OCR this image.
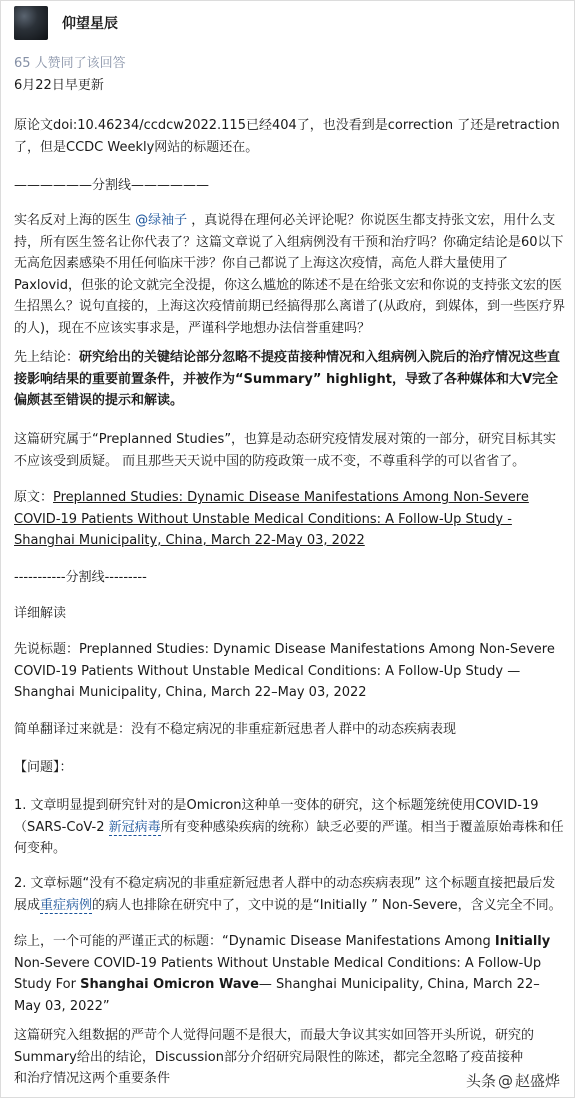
仰望星辰
65 人赞同了该回答

6月22日早更新

原论文doi:10.46234/ccdcw2022.115已经404了，也没看到是correction 了还是retraction了，但是CCDC Weekly网站的标题还在。

——————分割线——————

实名反对上海的医生 @绿袖子 ，真说得在理何必关评论呢？你说医生都支持张文宏，用什么支持，所有医生签名让你代表了？这篇文章说了入组病例没有干预和治疗吗？你确定结论是60以下无高危因素感染不用任何临床干涉？你自己都说了上海这次疫情，高危人群大量使用了Paxlovid，但张的论文就完全没提，你这么尴尬的陈述不是在给张文宏和你说的支持张文宏的医生招黑么？说句直接的，上海这次疫情前期已经搞得那么离谱了(从政府，到媒体，到一些医疗界的人)，现在不应该实事求是，严谨科学地想办法信誉重建吗？

先上结论：研究给出的关键结论部分忽略不提疫苗接种情况和入组病例入院后的治疗情况这些直接影响结果的重要前置条件，并被作为“Summary” highlight，导致了各种媒体和大V完全偏颇甚至错误的提示和解读。

这篇研究属于“Preplanned Studies”，也算是动态研究疫情发展对策的一部分，研究目标其实不应该受到质疑。 而且那些天天说中国的防疫政策一成不变，不尊重科学的可以省省了。

原文：Preplanned Studies: Dynamic Disease Manifestations Among Non-Severe COVID-19 Patients Without Unstable Medical Conditions: A Follow-Up Study - Shanghai Municipality, China, March 22-May 03, 2022

-----------分割线---------

详细解读

先说标题：Preplanned Studies: Dynamic Disease Manifestations Among Non-Severe COVID-19 Patients Without Unstable Medical Conditions: A Follow-Up Study — Shanghai Municipality, China, March 22–May 03, 2022

简单翻译过来就是：没有不稳定病况的非重症新冠患者人群中的动态疾病表现

【问题】：

1. 文章明显提到研究针对的是Omicron这种单一变体的研究，这个标题笼统使用COVID-19（SARS-CoV-2 新冠病毒所有变种感染疾病的统称）缺乏必要的严谨。相当于覆盖原始毒株和任何变种。

2. 文章标题“没有不稳定病况的非重症新冠患者人群中的动态疾病表现” 这个标题直接把最后发展成重症病例的病人也排除在研究中了，文中说的是“Initially ” Non-Severe，含义完全不同。

综上，一个可能的严谨正式的标题：“Dynamic Disease Manifestations Among Initially Non-Severe COVID-19 Patients Without Unstable Medical Conditions: A Follow-Up Study For Shanghai Omicron Wave— Shanghai Municipality, China, March 22–May 03, 2022”

这篇研究入组数据的严苛个人觉得问题不是很大，而最大争议其实如回答开头所说，研究的Summary给出的结论，Discussion部分介绍研究局限性的陈述，都完全忽略了疫苗接种和治疗情况这两个重要条件	头条 @ 赵盛烨
